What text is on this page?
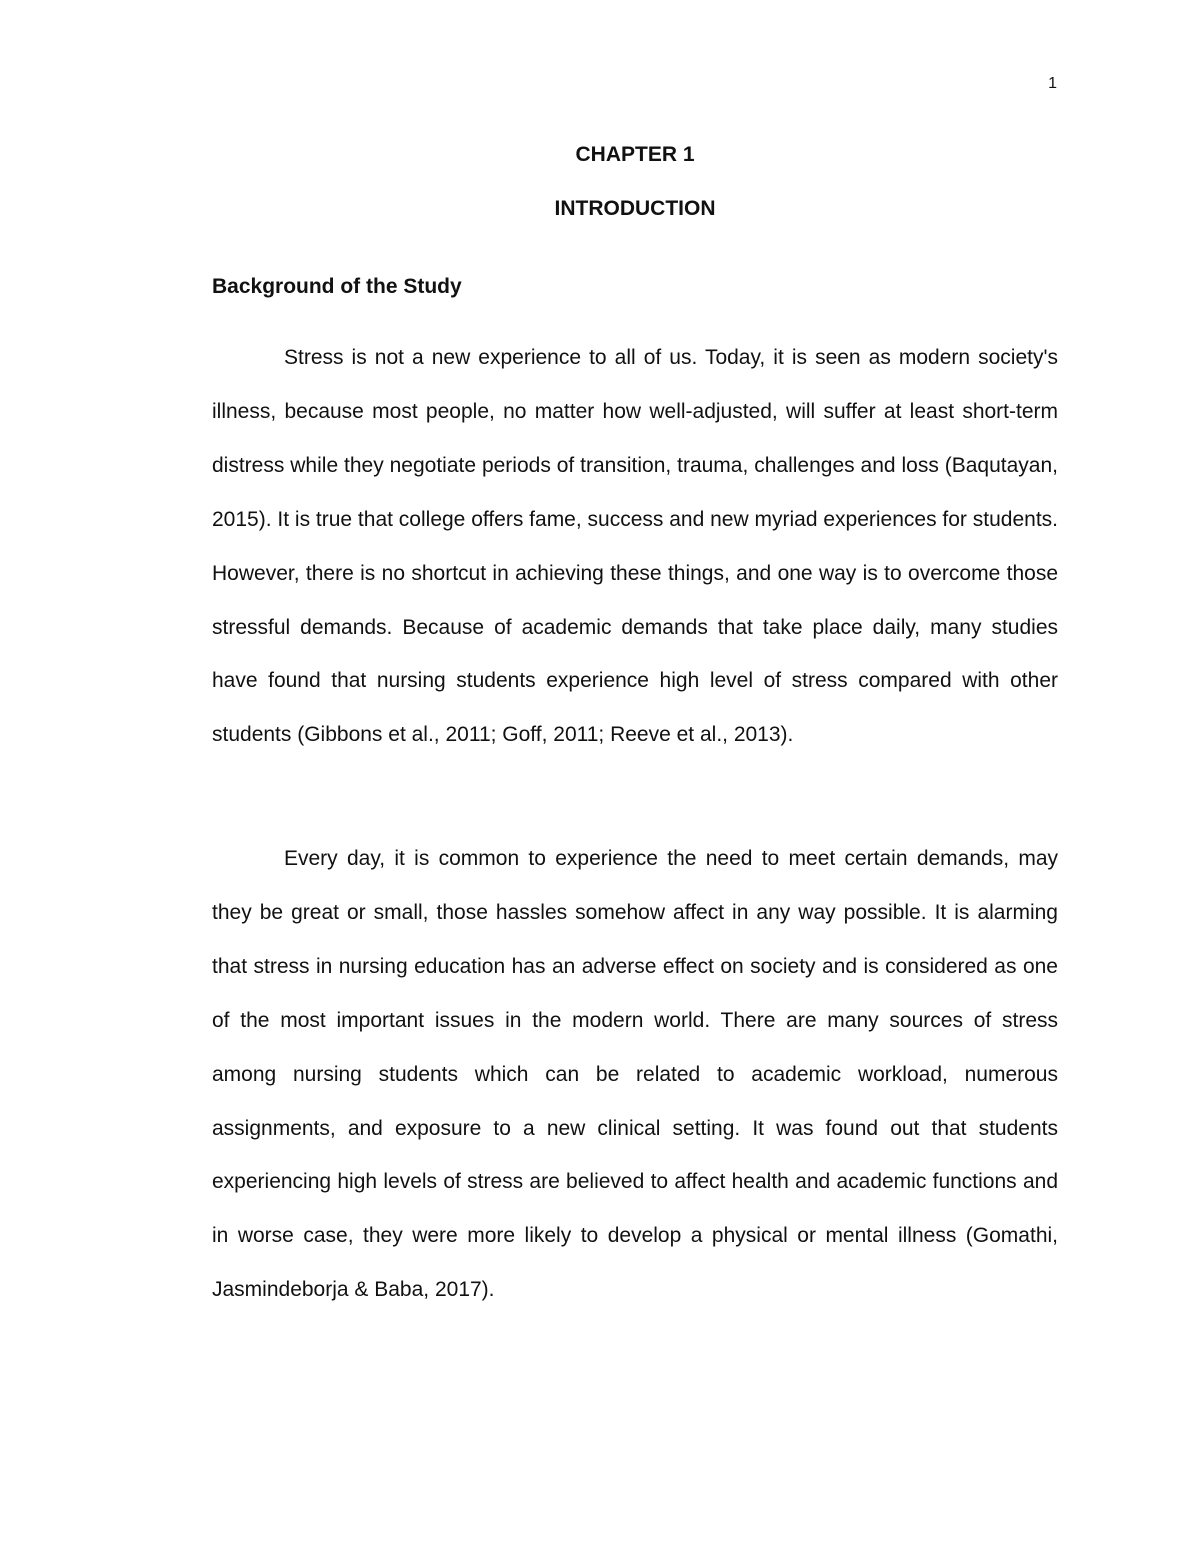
1
CHAPTER 1
INTRODUCTION
Background of the Study

Stress is not a new experience to all of us. Today, it is seen as modern society's illness, because most people, no matter how well-adjusted, will suffer at least short-term distress while they negotiate periods of transition, trauma, challenges and loss (Baqutayan, 2015). It is true that college offers fame, success and new myriad experiences for students. However, there is no shortcut in achieving these things, and one way is to overcome those stressful demands. Because of academic demands that take place daily, many studies have found that nursing students experience high level of stress compared with other students (Gibbons et al., 2011; Goff, 2011; Reeve et al., 2013).

Every day, it is common to experience the need to meet certain demands, may they be great or small, those hassles somehow affect in any way possible. It is alarming that stress in nursing education has an adverse effect on society and is considered as one of the most important issues in the modern world. There are many sources of stress among nursing students which can be related to academic workload, numerous assignments, and exposure to a new clinical setting. It was found out that students experiencing high levels of stress are believed to affect health and academic functions and in worse case, they were more likely to develop a physical or mental illness (Gomathi, Jasmindeborja & Baba, 2017).
